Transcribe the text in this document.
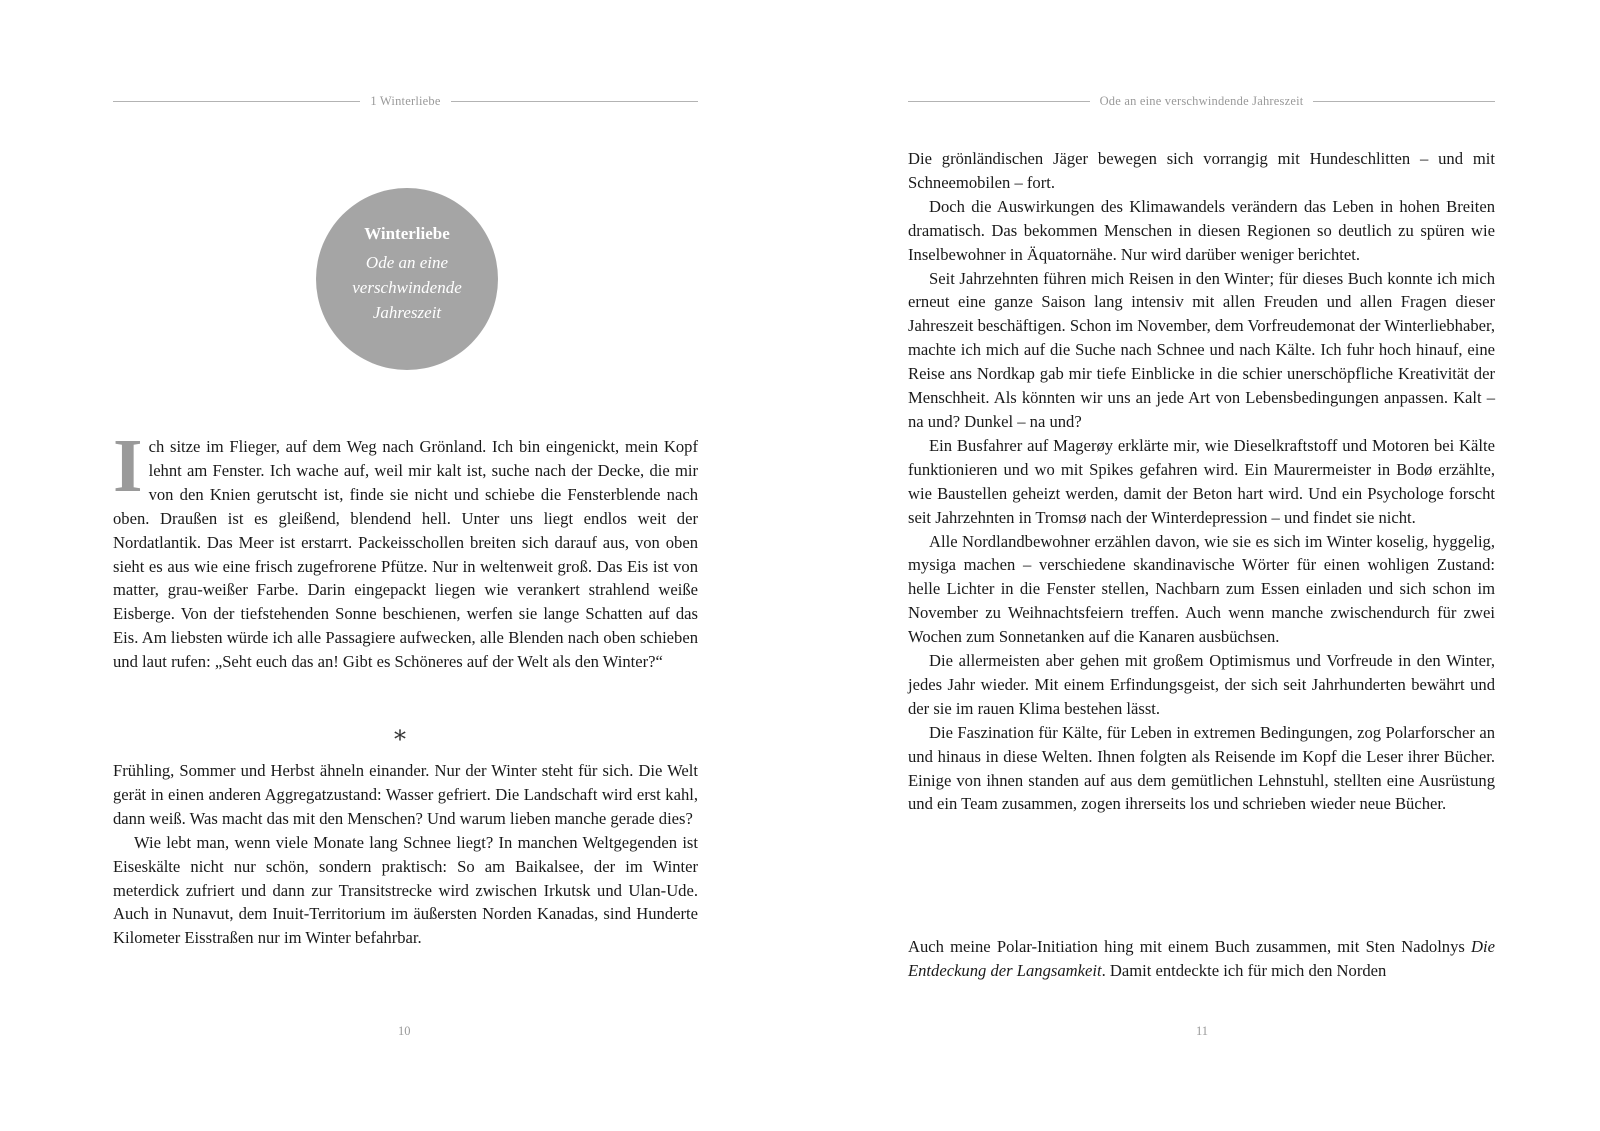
1 Winterliebe
Winterliebe
Ode an eine
verschwindende
Jahreszeit

Ich sitze im Flieger, auf dem Weg nach Grönland. Ich bin eingenickt, mein Kopf lehnt am Fenster. Ich wache auf, weil mir kalt ist, suche nach der Decke, die mir von den Knien gerutscht ist, finde sie nicht und schiebe die Fensterblende nach oben. Draußen ist es gleißend, blendend hell. Unter uns liegt endlos weit der Nordatlantik. Das Meer ist erstarrt. Packeisschollen breiten sich darauf aus, von oben sieht es aus wie eine frisch zugefrorene Pfütze. Nur in weltenweit groß. Das Eis ist von matter, grau-weißer Farbe. Darin eingepackt liegen wie verankert strahlend weiße Eisberge. Von der tiefstehenden Sonne beschienen, werfen sie lange Schatten auf das Eis. Am liebsten würde ich alle Passagiere aufwecken, alle Blenden nach oben schieben und laut rufen: „Seht euch das an! Gibt es Schöneres auf der Welt als den Winter?“

⁎

Frühling, Sommer und Herbst ähneln einander. Nur der Winter steht für sich. Die Welt gerät in einen anderen Aggregatzustand: Wasser gefriert. Die Landschaft wird erst kahl, dann weiß. Was macht das mit den Menschen? Und warum lieben manche gerade dies?

Wie lebt man, wenn viele Monate lang Schnee liegt? In manchen Weltgegenden ist Eiseskälte nicht nur schön, sondern praktisch: So am Baikalsee, der im Winter meterdick zufriert und dann zur Transitstrecke wird zwischen Irkutsk und Ulan-Ude. Auch in Nunavut, dem Inuit-Territorium im äußersten Norden Kanadas, sind Hunderte Kilometer Eisstraßen nur im Winter befahrbar.

10
Ode an eine verschwindende Jahreszeit

Die grönländischen Jäger bewegen sich vorrangig mit Hundeschlitten – und mit Schneemobilen – fort.

Doch die Auswirkungen des Klimawandels verändern das Leben in hohen Breiten dramatisch. Das bekommen Menschen in diesen Regionen so deutlich zu spüren wie Inselbewohner in Äquatornähe. Nur wird darüber weniger berichtet.

Seit Jahrzehnten führen mich Reisen in den Winter; für dieses Buch konnte ich mich erneut eine ganze Saison lang intensiv mit allen Freuden und allen Fragen dieser Jahreszeit beschäftigen. Schon im November, dem Vorfreudemonat der Winterliebhaber, machte ich mich auf die Suche nach Schnee und nach Kälte. Ich fuhr hoch hinauf, eine Reise ans Nordkap gab mir tiefe Einblicke in die schier unerschöpfliche Kreativität der Menschheit. Als könnten wir uns an jede Art von Lebensbedingungen anpassen. Kalt – na und? Dunkel – na und?

Ein Busfahrer auf Magerøy erklärte mir, wie Dieselkraftstoff und Motoren bei Kälte funktionieren und wo mit Spikes gefahren wird. Ein Maurermeister in Bodø erzählte, wie Baustellen geheizt werden, damit der Beton hart wird. Und ein Psychologe forscht seit Jahrzehnten in Tromsø nach der Winterdepression – und findet sie nicht.

Alle Nordlandbewohner erzählen davon, wie sie es sich im Winter koselig, hyggelig, mysiga machen – verschiedene skandinavische Wörter für einen wohligen Zustand: helle Lichter in die Fenster stellen, Nachbarn zum Essen einladen und sich schon im November zu Weihnachtsfeiern treffen. Auch wenn manche zwischendurch für zwei Wochen zum Sonnetanken auf die Kanaren ausbüchsen.

Die allermeisten aber gehen mit großem Optimismus und Vorfreude in den Winter, jedes Jahr wieder. Mit einem Erfindungsgeist, der sich seit Jahrhunderten bewährt und der sie im rauen Klima bestehen lässt.

Die Faszination für Kälte, für Leben in extremen Bedingungen, zog Polarforscher an und hinaus in diese Welten. Ihnen folgten als Reisende im Kopf die Leser ihrer Bücher. Einige von ihnen standen auf aus dem gemütlichen Lehnstuhl, stellten eine Ausrüstung und ein Team zusammen, zogen ihrerseits los und schrieben wieder neue Bücher.

Auch meine Polar-Initiation hing mit einem Buch zusammen, mit Sten Nadolnys Die Entdeckung der Langsamkeit. Damit entdeckte ich für mich den Norden

11
